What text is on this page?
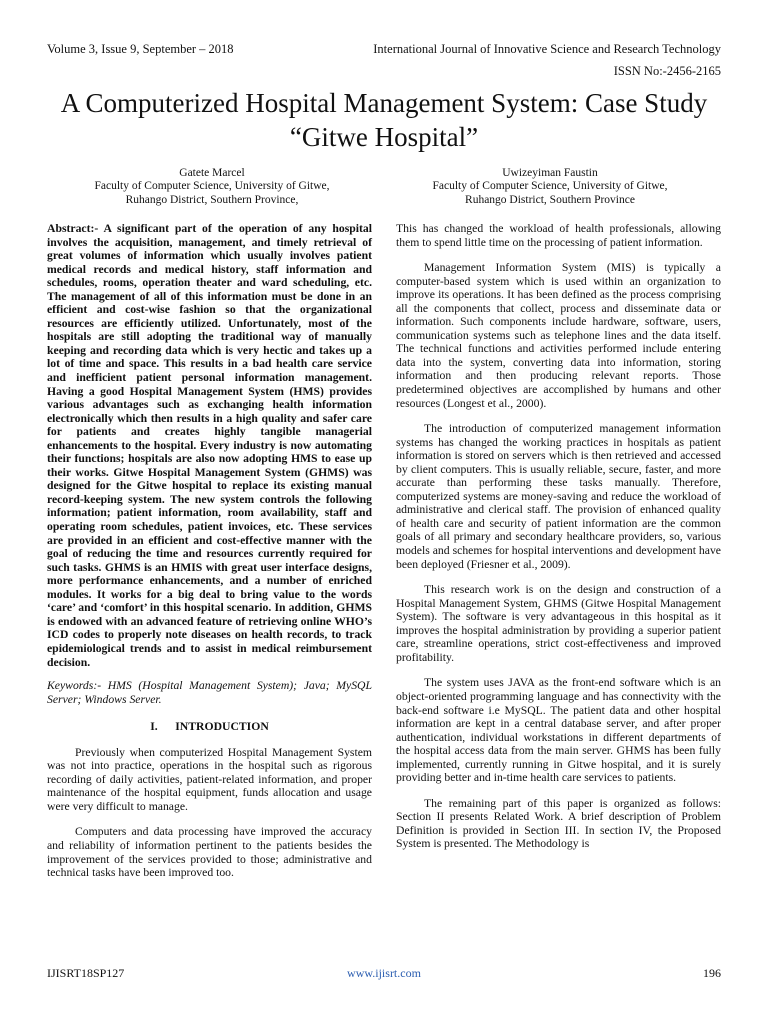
Volume 3, Issue 9, September – 2018	International Journal of Innovative Science and Research Technology
ISSN No:-2456-2165
A Computerized Hospital Management System: Case Study “Gitwe Hospital”
Gatete Marcel
Faculty of Computer Science, University of Gitwe,
Ruhango District, Southern Province,
Uwizeyiman Faustin
Faculty of Computer Science, University of Gitwe,
Ruhango District, Southern Province

Abstract:- A significant part of the operation of any hospital involves the acquisition, management, and timely retrieval of great volumes of information which usually involves patient medical records and medical history, staff information and schedules, rooms, operation theater and ward scheduling, etc. The management of all of this information must be done in an efficient and cost-wise fashion so that the organizational resources are efficiently utilized. Unfortunately, most of the hospitals are still adopting the traditional way of manually keeping and recording data which is very hectic and takes up a lot of time and space. This results in a bad health care service and inefficient patient personal information management. Having a good Hospital Management System (HMS) provides various advantages such as exchanging health information electronically which then results in a high quality and safer care for patients and creates highly tangible managerial enhancements to the hospital. Every industry is now automating their functions; hospitals are also now adopting HMS to ease up their works. Gitwe Hospital Management System (GHMS) was designed for the Gitwe hospital to replace its existing manual record-keeping system. The new system controls the following information; patient information, room availability, staff and operating room schedules, patient invoices, etc. These services are provided in an efficient and cost-effective manner with the goal of reducing the time and resources currently required for such tasks. GHMS is an HMIS with great user interface designs, more performance enhancements, and a number of enriched modules. It works for a big deal to bring value to the words ‘care’ and ‘comfort’ in this hospital scenario. In addition, GHMS is endowed with an advanced feature of retrieving online WHO’s ICD codes to properly note diseases on health records, to track epidemiological trends and to assist in medical reimbursement decision.

Keywords:- HMS (Hospital Management System); Java; MySQL Server; Windows Server.

I. INTRODUCTION

Previously when computerized Hospital Management System was not into practice, operations in the hospital such as rigorous recording of daily activities, patient-related information, and proper maintenance of the hospital equipment, funds allocation and usage were very difficult to manage.

Computers and data processing have improved the accuracy and reliability of information pertinent to the patients besides the improvement of the services provided to those; administrative and technical tasks have been improved too.

This has changed the workload of health professionals, allowing them to spend little time on the processing of patient information.

Management Information System (MIS) is typically a computer-based system which is used within an organization to improve its operations. It has been defined as the process comprising all the components that collect, process and disseminate data or information. Such components include hardware, software, users, communication systems such as telephone lines and the data itself. The technical functions and activities performed include entering data into the system, converting data into information, storing information and then producing relevant reports. Those predetermined objectives are accomplished by humans and other resources (Longest et al., 2000).

The introduction of computerized management information systems has changed the working practices in hospitals as patient information is stored on servers which is then retrieved and accessed by client computers. This is usually reliable, secure, faster, and more accurate than performing these tasks manually. Therefore, computerized systems are money-saving and reduce the workload of administrative and clerical staff. The provision of enhanced quality of health care and security of patient information are the common goals of all primary and secondary healthcare providers, so, various models and schemes for hospital interventions and development have been deployed (Friesner et al., 2009).

This research work is on the design and construction of a Hospital Management System, GHMS (Gitwe Hospital Management System). The software is very advantageous in this hospital as it improves the hospital administration by providing a superior patient care, streamline operations, strict cost-effectiveness and improved profitability.

The system uses JAVA as the front-end software which is an object-oriented programming language and has connectivity with the back-end software i.e MySQL. The patient data and other hospital information are kept in a central database server, and after proper authentication, individual workstations in different departments of the hospital access data from the main server. GHMS has been fully implemented, currently running in Gitwe hospital, and it is surely providing better and in-time health care services to patients.

The remaining part of this paper is organized as follows: Section II presents Related Work. A brief description of Problem Definition is provided in Section III. In section IV, the Proposed System is presented. The Methodology is

IJISRT18SP127	www.ijisrt.com	196
